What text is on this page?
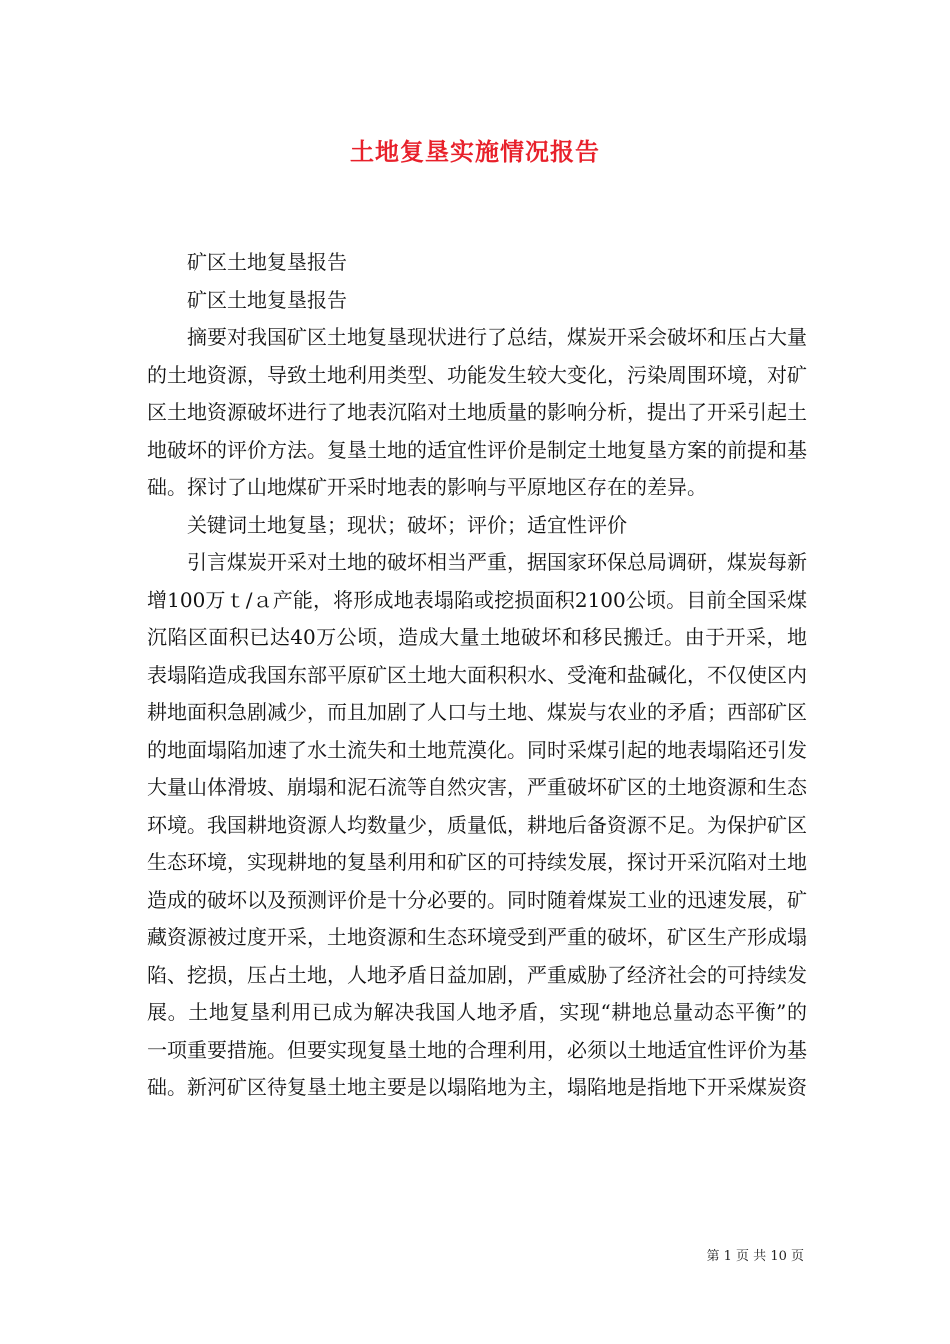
土地复垦实施情况报告

矿区土地复垦报告

矿区土地复垦报告

摘要对我国矿区土地复垦现状进行了总结，煤炭开采会破坏和压占大量的土地资源，导致土地利用类型、功能发生较大变化，污染周围环境，对矿区土地资源破坏进行了地表沉陷对土地质量的影响分析，提出了开采引起土地破坏的评价方法。复垦土地的适宜性评价是制定土地复垦方案的前提和基础。探讨了山地煤矿开采时地表的影响与平原地区存在的差异。

关键词土地复垦；现状；破坏；评价；适宜性评价

引言煤炭开采对土地的破坏相当严重，据国家环保总局调研，煤炭每新增100万ｔ/ａ产能，将形成地表塌陷或挖损面积2100公顷。目前全国采煤沉陷区面积已达40万公顷，造成大量土地破坏和移民搬迁。由于开采，地表塌陷造成我国东部平原矿区土地大面积积水、受淹和盐碱化，不仅使区内耕地面积急剧减少，而且加剧了人口与土地、煤炭与农业的矛盾；西部矿区的地面塌陷加速了水土流失和土地荒漠化。同时采煤引起的地表塌陷还引发大量山体滑坡、崩塌和泥石流等自然灾害，严重破坏矿区的土地资源和生态环境。我国耕地资源人均数量少，质量低，耕地后备资源不足。为保护矿区生态环境，实现耕地的复垦利用和矿区的可持续发展，探讨开采沉陷对土地造成的破坏以及预测评价是十分必要的。同时随着煤炭工业的迅速发展，矿藏资源被过度开采，土地资源和生态环境受到严重的破坏，矿区生产形成塌陷、挖损，压占土地，人地矛盾日益加剧，严重威胁了经济社会的可持续发展。土地复垦利用已成为解决我国人地矛盾，实现“耕地总量动态平衡”的一项重要措施。但要实现复垦土地的合理利用，必须以土地适宜性评价为基础。新河矿区待复垦土地主要是以塌陷地为主，塌陷地是指地下开采煤炭资

第 1 页 共 10 页
